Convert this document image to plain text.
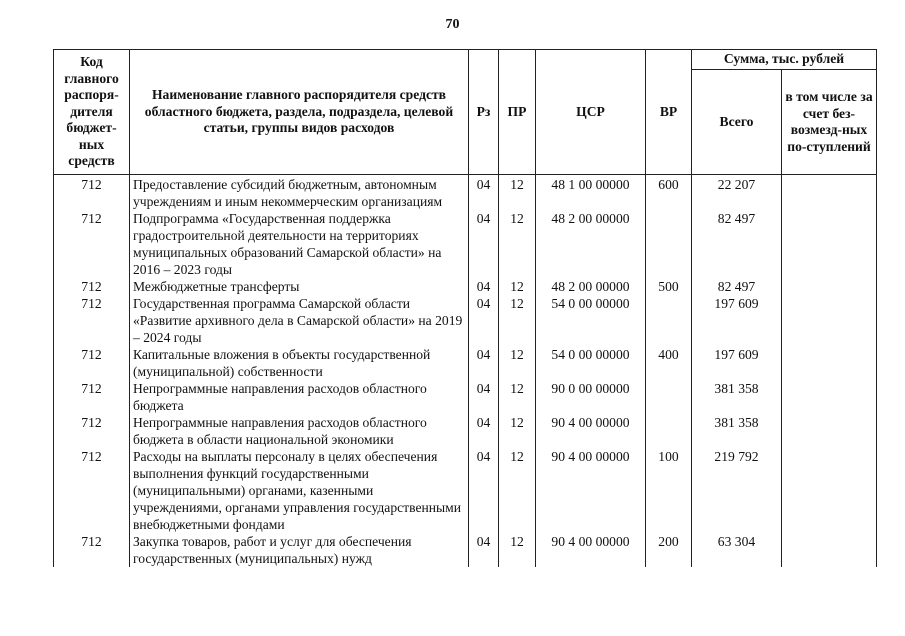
70
Код главного распоря-дителя бюджет-ных средств	Наименование главного распорядителя средств областного бюджета, раздела, подраздела, целевой статьи, группы видов расходов	Рз	ПР	ЦСР	ВР	Сумма, тыс. рублей	
						Всего	в том числе за счет без-возмезд-ных по-ступлений
712	Предоставление субсидий бюджетным, автономным учреждениям и иным некоммерческим организациям	04	12	48 1 00 00000	600	22 207	
712	Подпрограмма «Государственная поддержка градостроительной деятельности на территориях муниципальных образований Самарской области» на 2016 – 2023 годы	04	12	48 2 00 00000		82 497	
712	Межбюджетные трансферты	04	12	48 2 00 00000	500	82 497	
712	Государственная программа Самарской области «Развитие архивного дела в Самарской области» на 2019 – 2024 годы	04	12	54 0 00 00000		197 609	
712	Капитальные вложения в объекты государственной (муниципальной) собственности	04	12	54 0 00 00000	400	197 609	
712	Непрограммные направления расходов областного бюджета	04	12	90 0 00 00000		381 358	
712	Непрограммные направления расходов областного бюджета в области национальной экономики	04	12	90 4 00 00000		381 358	
712	Расходы на выплаты персоналу в целях обеспечения выполнения функций государственными (муниципальными) органами, казенными учреждениями, органами управления государственными внебюджетными фондами	04	12	90 4 00 00000	100	219 792	
712	Закупка товаров, работ и услуг для обеспечения государственных (муниципальных) нужд	04	12	90 4 00 00000	200	63 304	
